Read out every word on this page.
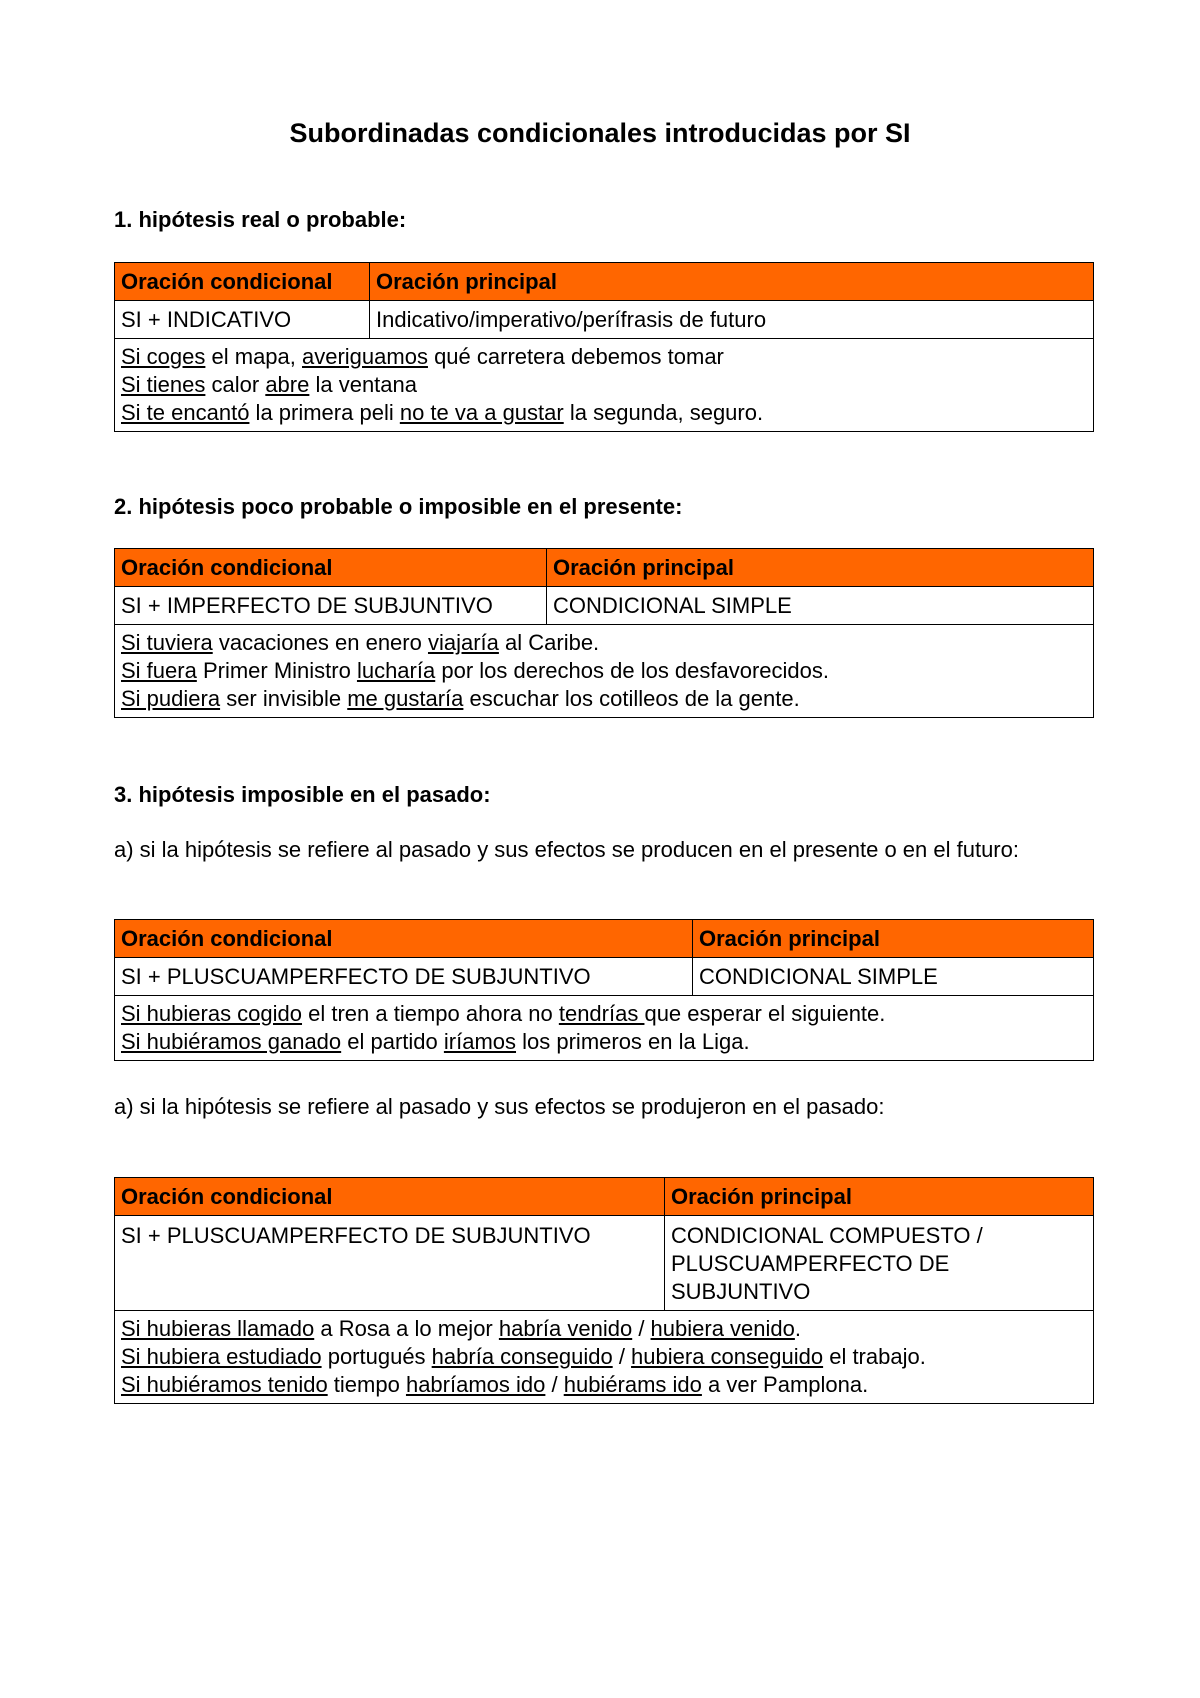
Subordinadas condicionales introducidas por SI

1. hipótesis real o probable:

Oración condicional	Oración principal
SI + INDICATIVO	Indicativo/imperativo/perífrasis de futuro

Si coges el mapa, averiguamos qué carretera debemos tomar
Si tienes calor abre la ventana
Si te encantó la primera peli no te va a gustar la segunda, seguro.	

2. hipótesis poco probable o imposible en el presente:

Oración condicional	Oración principal
SI + IMPERFECTO DE SUBJUNTIVO	CONDICIONAL SIMPLE

Si tuviera vacaciones en enero viajaría al Caribe.
Si fuera Primer Ministro lucharía por los derechos de los desfavorecidos.
Si pudiera ser invisible me gustaría escuchar los cotilleos de la gente.	

3. hipótesis imposible en el pasado:

a) si la hipótesis se refiere al pasado y sus efectos se producen en el presente o en el futuro:

Oración condicional	Oración principal
SI + PLUSCUAMPERFECTO DE SUBJUNTIVO	CONDICIONAL SIMPLE

Si hubieras cogido el tren a tiempo ahora no tendrías que esperar el siguiente.
Si hubiéramos ganado el partido iríamos los primeros en la Liga.	

a) si la hipótesis se refiere al pasado y sus efectos se produjeron en el pasado:

Oración condicional	Oración principal
SI + PLUSCUAMPERFECTO DE SUBJUNTIVO	CONDICIONAL COMPUESTO / PLUSCUAMPERFECTO DE SUBJUNTIVO

Si hubieras llamado a Rosa a lo mejor habría venido / hubiera venido.
Si hubiera estudiado portugués habría conseguido / hubiera conseguido el trabajo.
Si hubiéramos tenido tiempo habríamos ido / hubiérams ido a ver Pamplona.	
